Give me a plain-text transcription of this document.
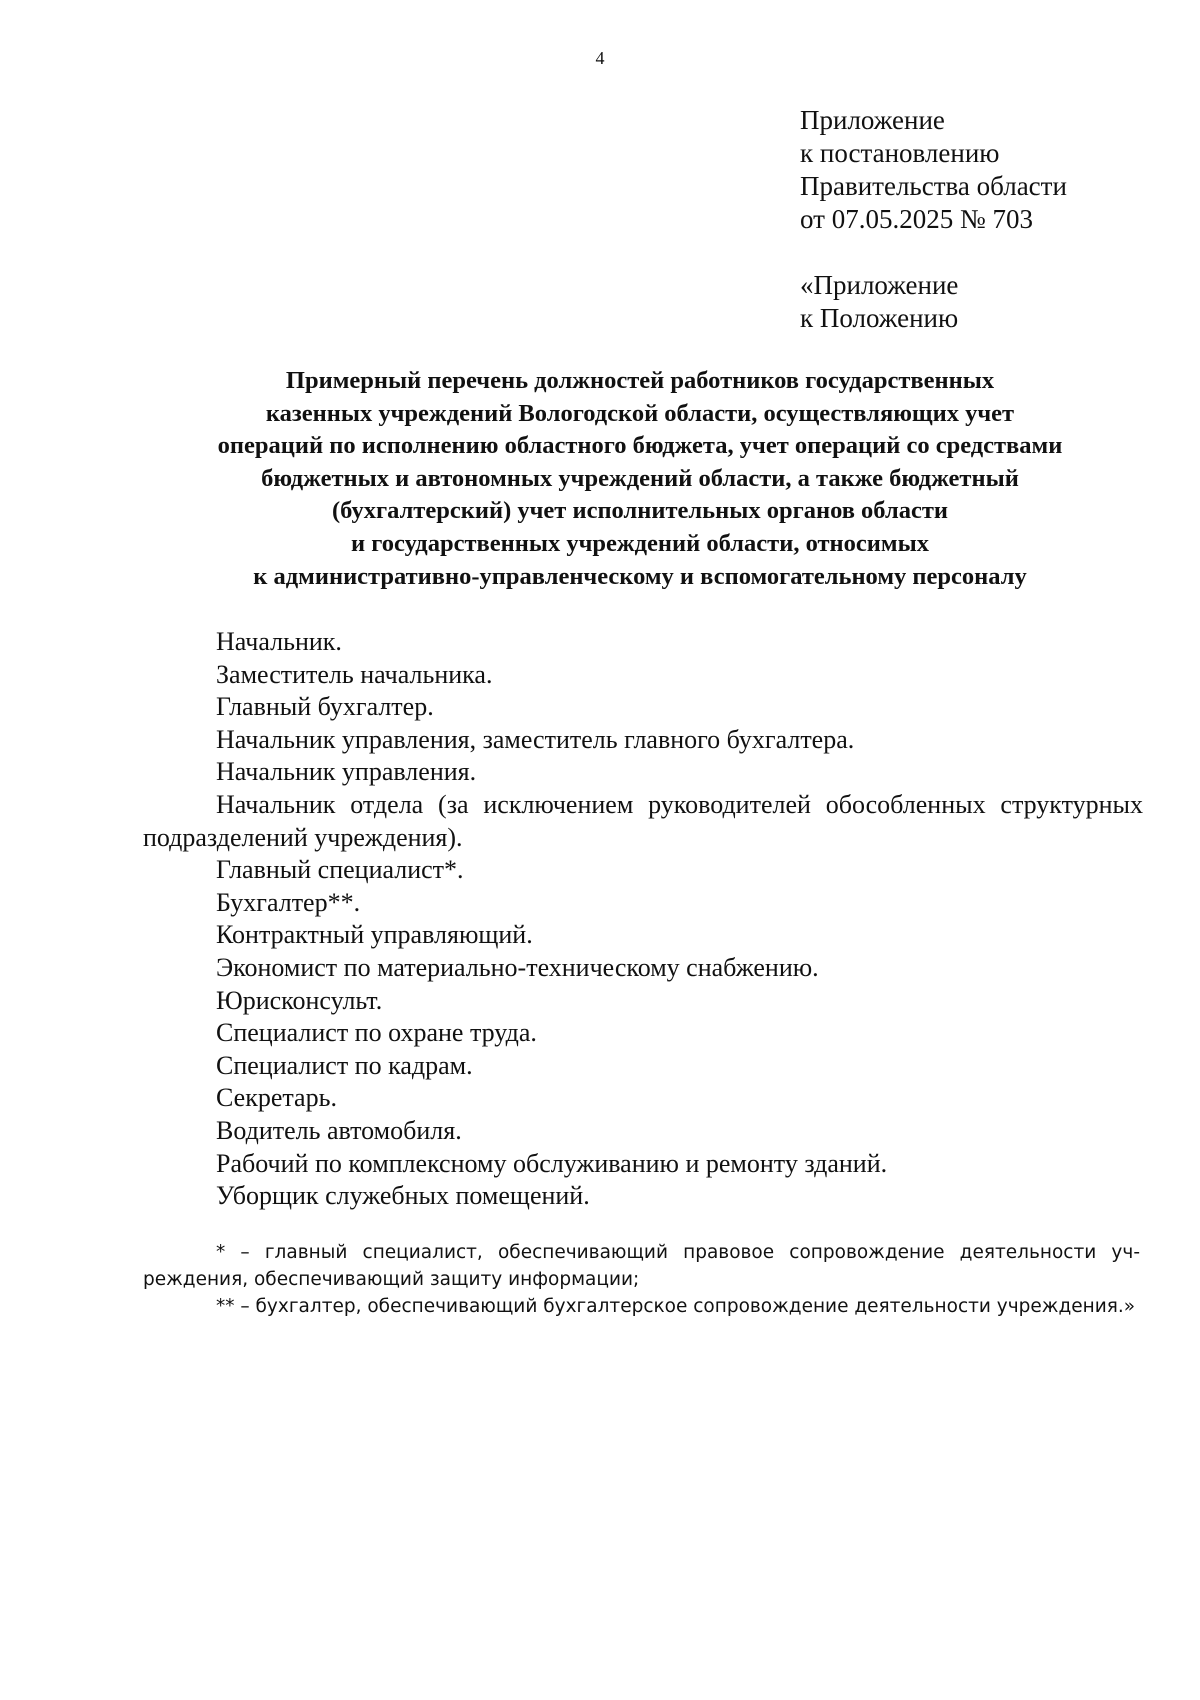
4
Приложение
к постановлению
Правительства области
от 07.05.2025 № 703
«Приложение
к Положению
Примерный перечень должностей работников государственных
казенных учреждений Вологодской области, осуществляющих учет
операций по исполнению областного бюджета, учет операций со средствами
бюджетных и автономных учреждений области, а также бюджетный
(бухгалтерский) учет исполнительных органов области
и государственных учреждений области, относимых
к административно-управленческому и вспомогательному персоналу
Начальник.
Заместитель начальника.
Главный бухгалтер.
Начальник управления, заместитель главного бухгалтера.
Начальник управления.
Начальник отдела (за исключением руководителей обособленных структурных подразделений учреждения).
Главный специалист*.
Бухгалтер**.
Контрактный управляющий.
Экономист по материально-техническому снабжению.
Юрисконсульт.
Специалист по охране труда.
Специалист по кадрам.
Секретарь.
Водитель автомобиля.
Рабочий по комплексному обслуживанию и ремонту зданий.
Уборщик служебных помещений.
* – главный специалист, обеспечивающий правовое сопровождение деятельности учреждения, обеспечивающий защиту информации;
** – бухгалтер, обеспечивающий бухгалтерское сопровождение деятельности учреждения.»
